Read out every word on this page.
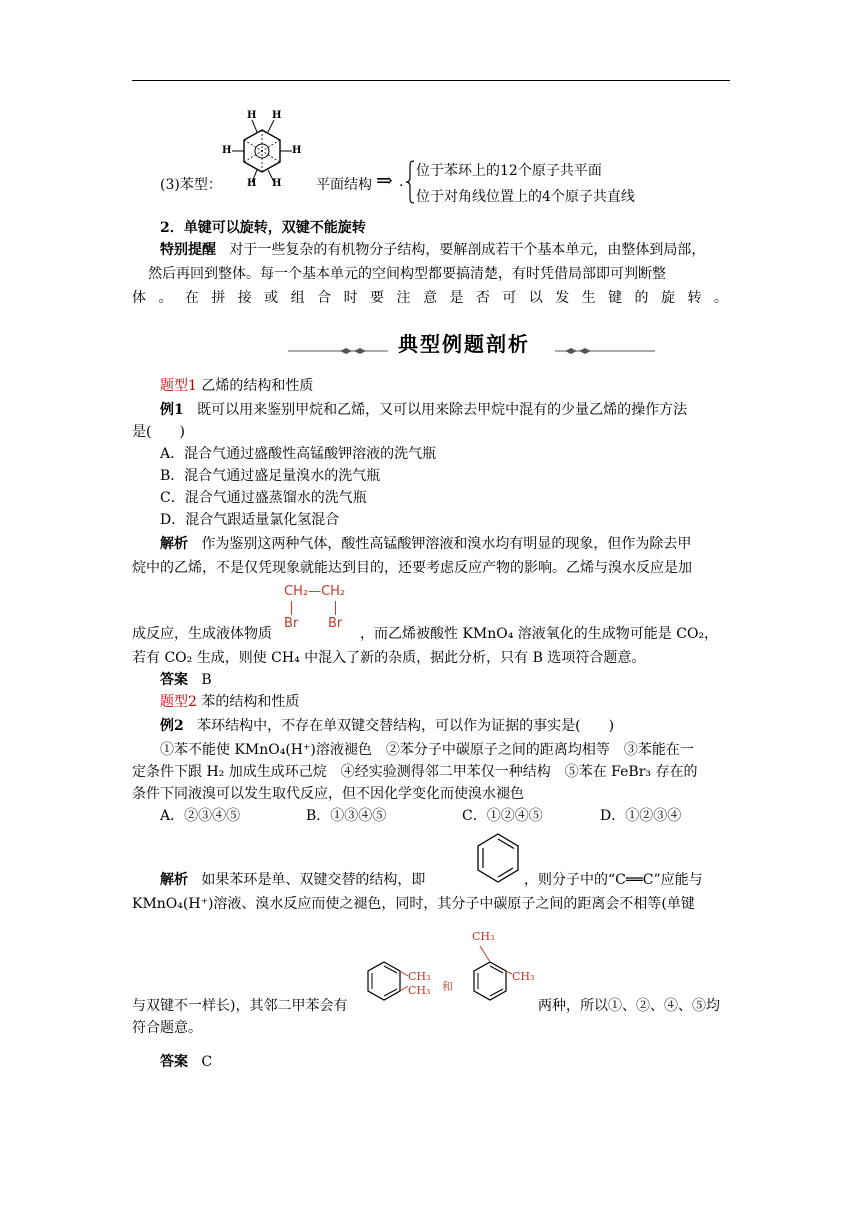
H H
H	H
H H
(3)苯型：	平面结构 ⇒ .
位于苯环上的12个原子共平面
位于对角线位置上的4个原子共直线
2．单键可以旋转，双键不能旋转
特别提醒 对于一些复杂的有机物分子结构，要解剖成若干个基本单元，由整体到局部，
然后再回到整体。每一个基本单元的空间构型都要搞清楚，有时凭借局部即可判断整
体 。 在 拼 接 或 组 合 时 要 注 意 是 否 可 以 发 生 键 的 旋 转 。
典型例题剖析
题型1 乙烯的结构和性质
例1 既可以用来鉴别甲烷和乙烯，又可以用来除去甲烷中混有的少量乙烯的操作方法
是(　　)
A．混合气通过盛酸性高锰酸钾溶液的洗气瓶
B．混合气通过盛足量溴水的洗气瓶
C．混合气通过盛蒸馏水的洗气瓶
D．混合气跟适量氯化氢混合
解析 作为鉴别这两种气体，酸性高锰酸钾溶液和溴水均有明显的现象，但作为除去甲
烷中的乙烯，不是仅凭现象就能达到目的，还要考虑反应产物的影响。乙烯与溴水反应是加
CH₂—CH₂
Br Br
成反应，生成液体物质	，而乙烯被酸性 KMnO₄ 溶液氧化的生成物可能是 CO₂，
若有 CO₂ 生成，则使 CH₄ 中混入了新的杂质，据此分析，只有 B 选项符合题意。
答案 B
题型2 苯的结构和性质
例2 苯环结构中，不存在单双键交替结构，可以作为证据的事实是(　　)
①苯不能使 KMnO₄(H⁺)溶液褪色　②苯分子中碳原子之间的距离均相等　③苯能在一
定条件下跟 H₂ 加成生成环己烷　④经实验测得邻二甲苯仅一种结构　⑤苯在 FeBr₃ 存在的
条件下同液溴可以发生取代反应，但不因化学变化而使溴水褪色
A．②③④⑤	B．①③④⑤	C．①②④⑤	D．①②③④
解析 如果苯环是单、双键交替的结构，即	，则分子中的“C══C”应能与
KMnO₄(H⁺)溶液、溴水反应而使之褪色，同时，其分子中碳原子之间的距离会不相等(单键
CH₃
CH₃ 和
CH₃
CH₃
与双键不一样长)，其邻二甲苯会有	两种，所以①、②、④、⑤均
符合题意。
答案 C
